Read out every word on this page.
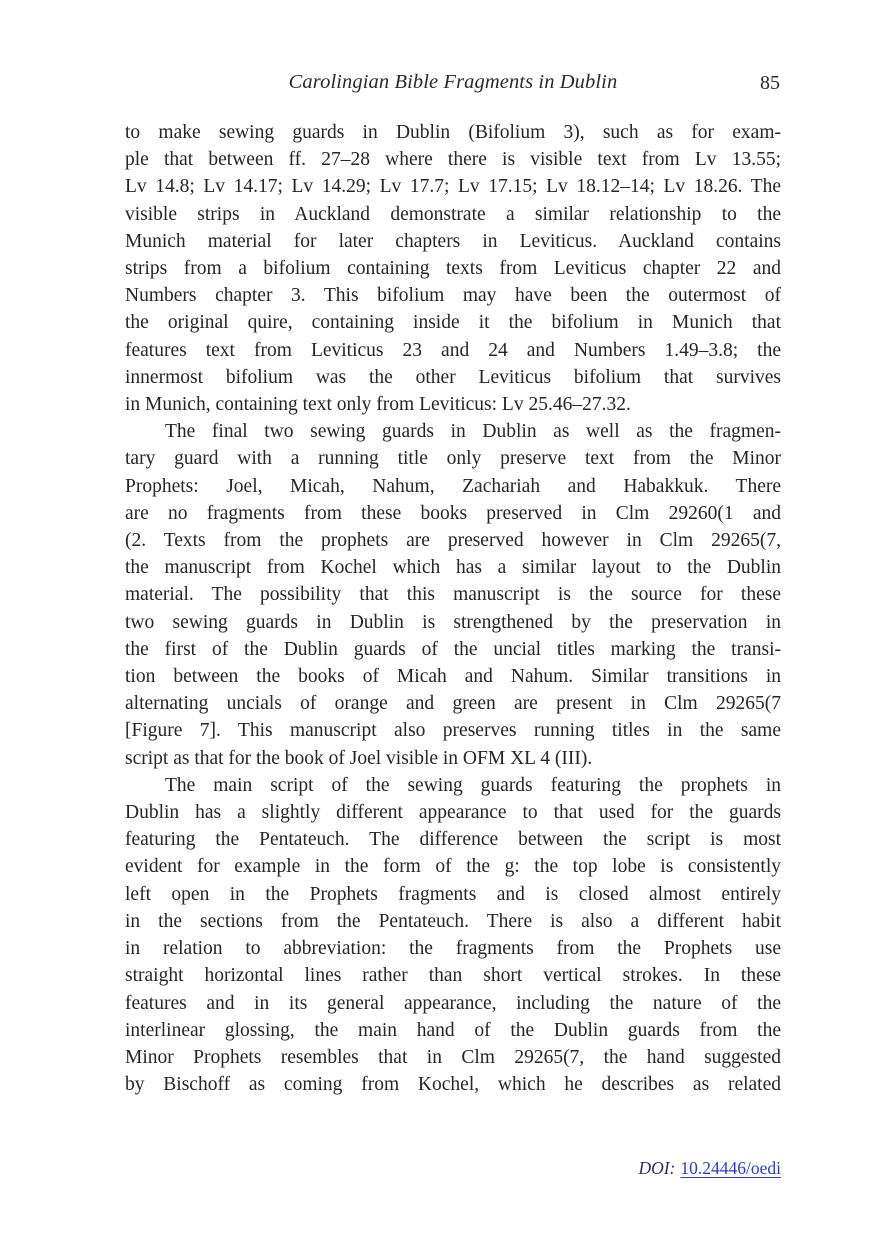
Carolingian Bible Fragments in Dublin	85
to make sewing guards in Dublin (Bifolium 3), such as for exam-
ple that between ff. 27–28 where there is visible text from Lv 13.55;
Lv 14.8; Lv 14.17; Lv 14.29; Lv 17.7; Lv 17.15; Lv 18.12–14; Lv 18.26. The
visible strips in Auckland demonstrate a similar relationship to the
Munich material for later chapters in Leviticus. Auckland contains
strips from a bifolium containing texts from Leviticus chapter 22 and
Numbers chapter 3. This bifolium may have been the outermost of
the original quire, containing inside it the bifolium in Munich that
features text from Leviticus 23 and 24 and Numbers 1.49–3.8; the
innermost bifolium was the other Leviticus bifolium that survives
in Munich, containing text only from Leviticus: Lv 25.46–27.32.
The final two sewing guards in Dublin as well as the fragmen-
tary guard with a running title only preserve text from the Minor
Prophets: Joel, Micah, Nahum, Zachariah and Habakkuk. There
are no fragments from these books preserved in Clm 29260(1 and
(2. Texts from the prophets are preserved however in Clm 29265(7,
the manuscript from Kochel which has a similar layout to the Dublin
material. The possibility that this manuscript is the source for these
two sewing guards in Dublin is strengthened by the preservation in
the first of the Dublin guards of the uncial titles marking the transi-
tion between the books of Micah and Nahum. Similar transitions in
alternating uncials of orange and green are present in Clm 29265(7
[Figure 7]. This manuscript also preserves running titles in the same
script as that for the book of Joel visible in OFM XL 4 (III).
The main script of the sewing guards featuring the prophets in
Dublin has a slightly different appearance to that used for the guards
featuring the Pentateuch. The difference between the script is most
evident for example in the form of the g: the top lobe is consistently
left open in the Prophets fragments and is closed almost entirely
in the sections from the Pentateuch. There is also a different habit
in relation to abbreviation: the fragments from the Prophets use
straight horizontal lines rather than short vertical strokes. In these
features and in its general appearance, including the nature of the
interlinear glossing, the main hand of the Dublin guards from the
Minor Prophets resembles that in Clm 29265(7, the hand suggested
by Bischoff as coming from Kochel, which he describes as related
DOI: 10.24446/oedi
